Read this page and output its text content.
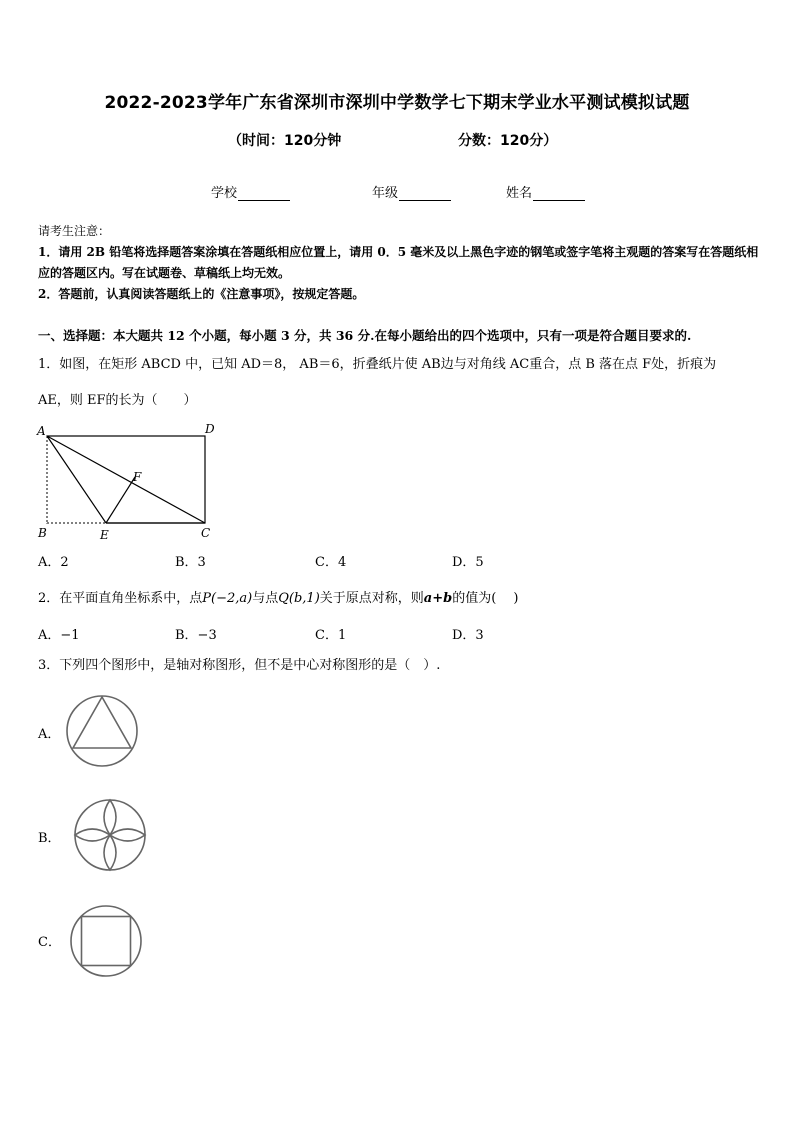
2022-2023学年广东省深圳市深圳中学数学七下期末学业水平测试模拟试题
（时间：120分钟	分数：120分）
学校	年级	姓名

请考生注意：

1．请用 2B 铅笔将选择题答案涂填在答题纸相应位置上，请用 0．5 毫米及以上黑色字迹的钢笔或签字笔将主观题的答案写在答题纸相应的答题区内。写在试题卷、草稿纸上均无效。

2．答题前，认真阅读答题纸上的《注意事项》，按规定答题。

一、选择题：本大题共 12 个小题，每小题 3 分，共 36 分.在每小题给出的四个选项中，只有一项是符合题目要求的.
1．如图，在矩形 ABCD 中，已知 AD＝8， AB＝6，折叠纸片使 AB边与对角线 AC重合，点 B 落在点 F处，折痕为
AE，则 EF的长为（　　）
A	D
B	E	C
F
A．2	B．3	C．4	D．5
2．在平面直角坐标系中，点P(−2,a)与点Q(b,1)关于原点对称，则a+b的值为(　 )
A．−1	B．−3	C．1	D．3
3．下列四个图形中，是轴对称图形，但不是中心对称图形的是（　）.
A．
B．
C．
